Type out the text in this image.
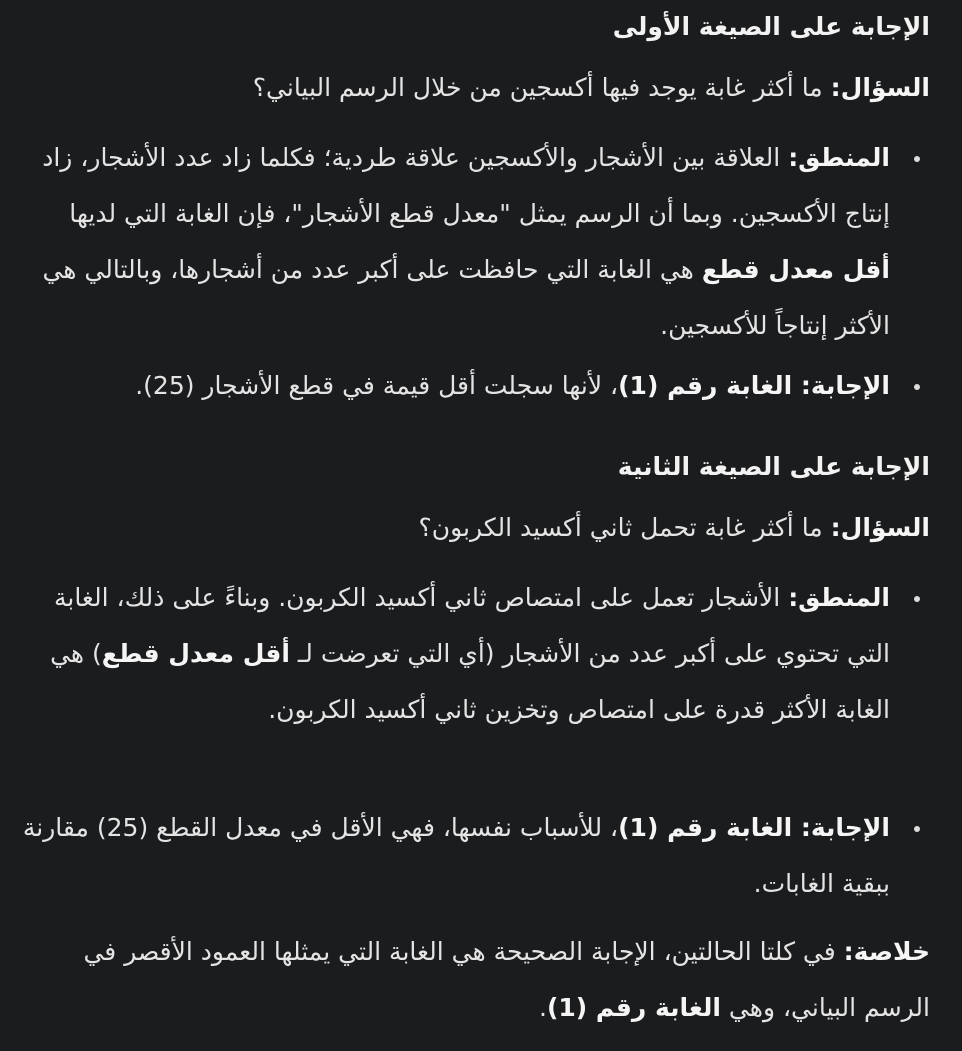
الإجابة على الصيغة الأولى

السؤال: ما أكثر غابة يوجد فيها أكسجين من خلال الرسم البياني؟

المنطق: العلاقة بين الأشجار والأكسجين علاقة طردية؛ فكلما زاد عدد الأشجار، زاد إنتاج الأكسجين. وبما أن الرسم يمثل "معدل قطع الأشجار"، فإن الغابة التي لديها أقل معدل قطع هي الغابة التي حافظت على أكبر عدد من أشجارها، وبالتالي هي الأكثر إنتاجاً للأكسجين.
الإجابة: الغابة رقم (1)، لأنها سجلت أقل قيمة في قطع الأشجار (25).
الإجابة على الصيغة الثانية

السؤال: ما أكثر غابة تحمل ثاني أكسيد الكربون؟

المنطق: الأشجار تعمل على امتصاص ثاني أكسيد الكربون. وبناءً على ذلك، الغابة التي تحتوي على أكبر عدد من الأشجار (أي التي تعرضت لـ أقل معدل قطع) هي الغابة الأكثر قدرة على امتصاص وتخزين ثاني أكسيد الكربون.
الإجابة: الغابة رقم (1)، للأسباب نفسها، فهي الأقل في معدل القطع (25) مقارنة ببقية الغابات.

خلاصة: في كلتا الحالتين، الإجابة الصحيحة هي الغابة التي يمثلها العمود الأقصر في الرسم البياني، وهي الغابة رقم (1).
